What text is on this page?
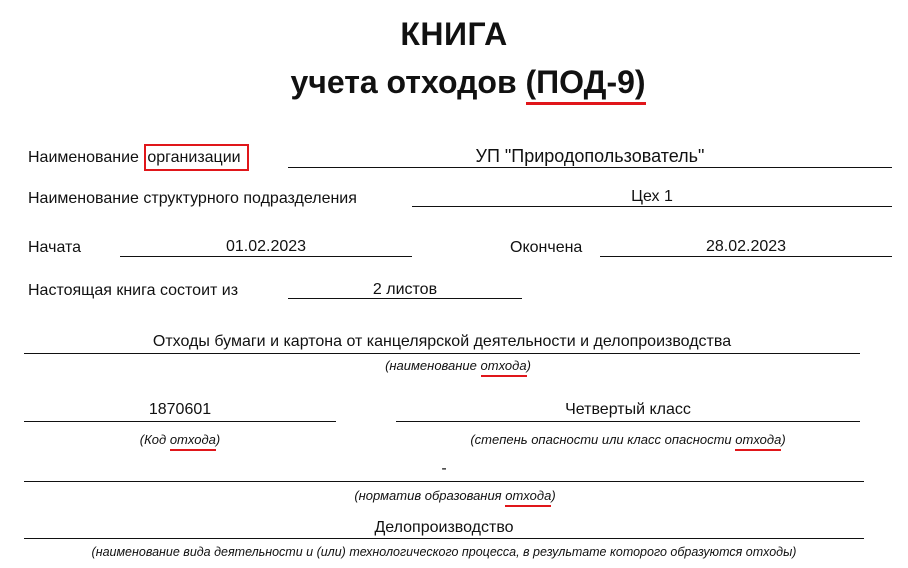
КНИГА
учета отходов (ПОД-9)
Наименование организации	УП "Природопользователь"
Наименование структурного подразделения	Цех 1
Начата	01.02.2023	Окончена	28.02.2023
Настоящая книга состоит из	2 листов
Отходы бумаги и картона от канцелярской деятельности и делопроизводства
(наименование отхода)
1870601
(Код отхода)
Четвертый класс
(степень опасности или класс опасности отхода)
-
(норматив образования отхода)
Делопроизводство
(наименование вида деятельности и (или) технологического процесса, в результате которого образуются отходы)
